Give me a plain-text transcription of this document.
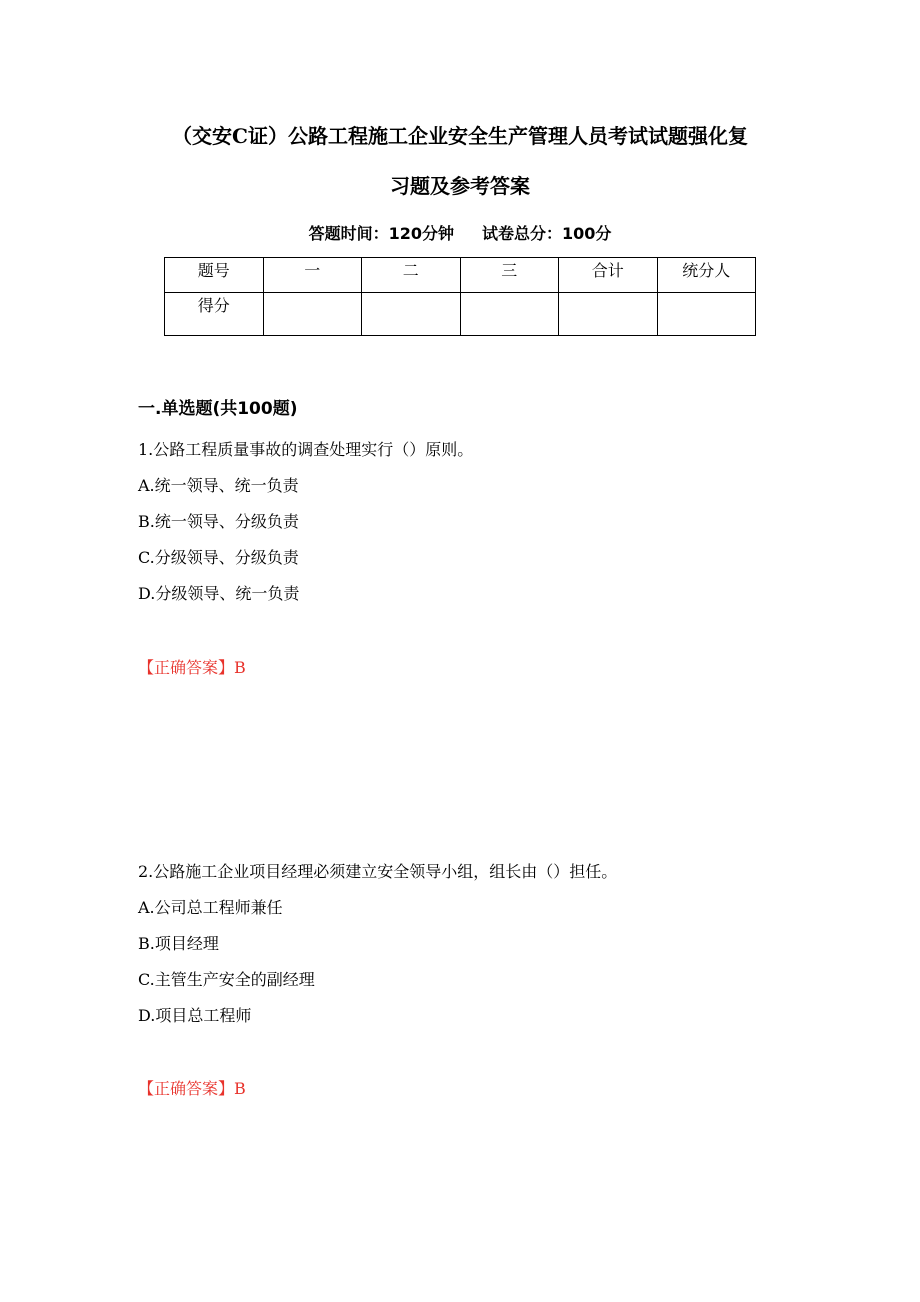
（交安C证）公路工程施工企业安全生产管理人员考试试题强化复
习题及参考答案
答题时间：120分钟 试卷总分：100分
题号	一	二	三	合计	统分人
得分					
一.单选题(共100题)
1.公路工程质量事故的调查处理实行（）原则。
A.统一领导、统一负责
B.统一领导、分级负责
C.分级领导、分级负责
D.分级领导、统一负责
【正确答案】B
2.公路施工企业项目经理必须建立安全领导小组，组长由（）担任。
A.公司总工程师兼任
B.项目经理
C.主管生产安全的副经理
D.项目总工程师
【正确答案】B
